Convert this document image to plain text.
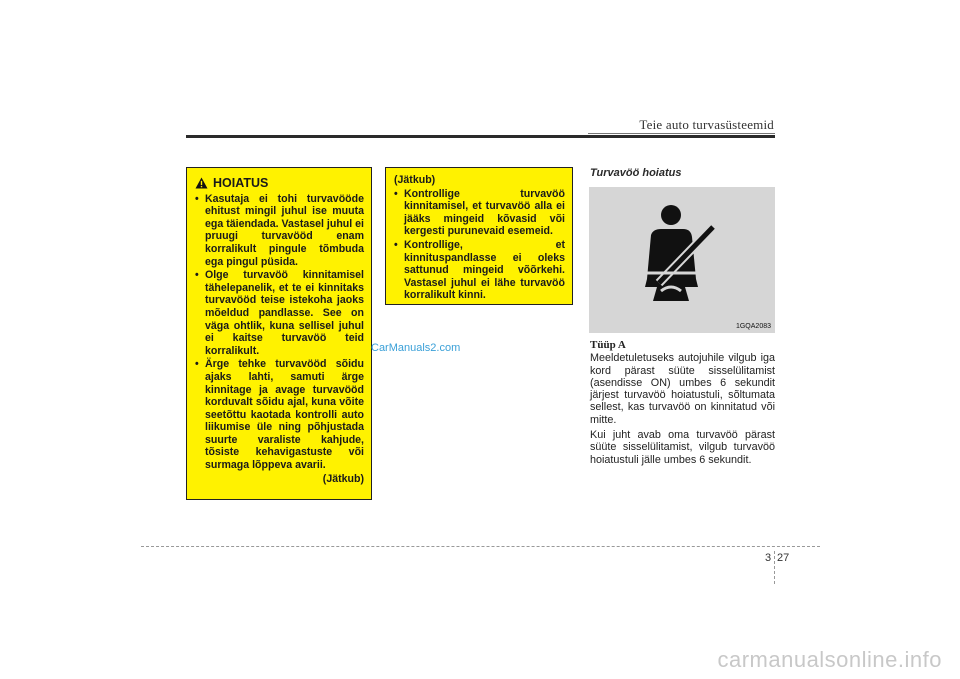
Teie auto turvasüsteemid
HOIATUS
• Kasutaja ei tohi turvavööde ehitust mingil juhul ise muuta ega täiendada. Vastasel juhul ei pruugi turvavööd enam korralikult pingule tõmbuda ega pingul püsida.
• Olge turvavöö kinnitamisel tähelepanelik, et te ei kinnitaks turvavööd teise istekoha jaoks mõeldud pandlasse. See on väga ohtlik, kuna sellisel juhul ei kaitse turvavöö teid korralikult.
• Ärge tehke turvavööd sõidu ajaks lahti, samuti ärge kinnitage ja avage turvavööd korduvalt sõidu ajal, kuna võite seetõttu kaotada kontrolli auto liikumise üle ning põhjustada suurte varaliste kahjude, tõsiste kehavigastuste või surmaga lõppeva avarii.
(Jätkub)
(Jätkub)
• Kontrollige turvavöö kinnitamisel, et turvavöö alla ei jääks mingeid kõvasid või kergesti purunevaid esemeid.
• Kontrollige, et kinnituspandlasse ei oleks sattunud mingeid võõrkehi. Vastasel juhul ei lähe turvavöö korralikult kinni.
CarManuals2.com
Turvavöö hoiatus
1GQA2083
Tüüp A

Meeldetuletuseks autojuhile vilgub iga kord pärast süüte sisselülitamist (asendisse ON) umbes 6 sekundit järjest turvavöö hoiatustuli, sõltumata sellest, kas turvavöö on kinnitatud või mitte.

Kui juht avab oma turvavöö pärast süüte sisselülitamist, vilgub turvavöö hoiatustuli jälle umbes 6 sekundit.

3 27
carmanualsonline.info
